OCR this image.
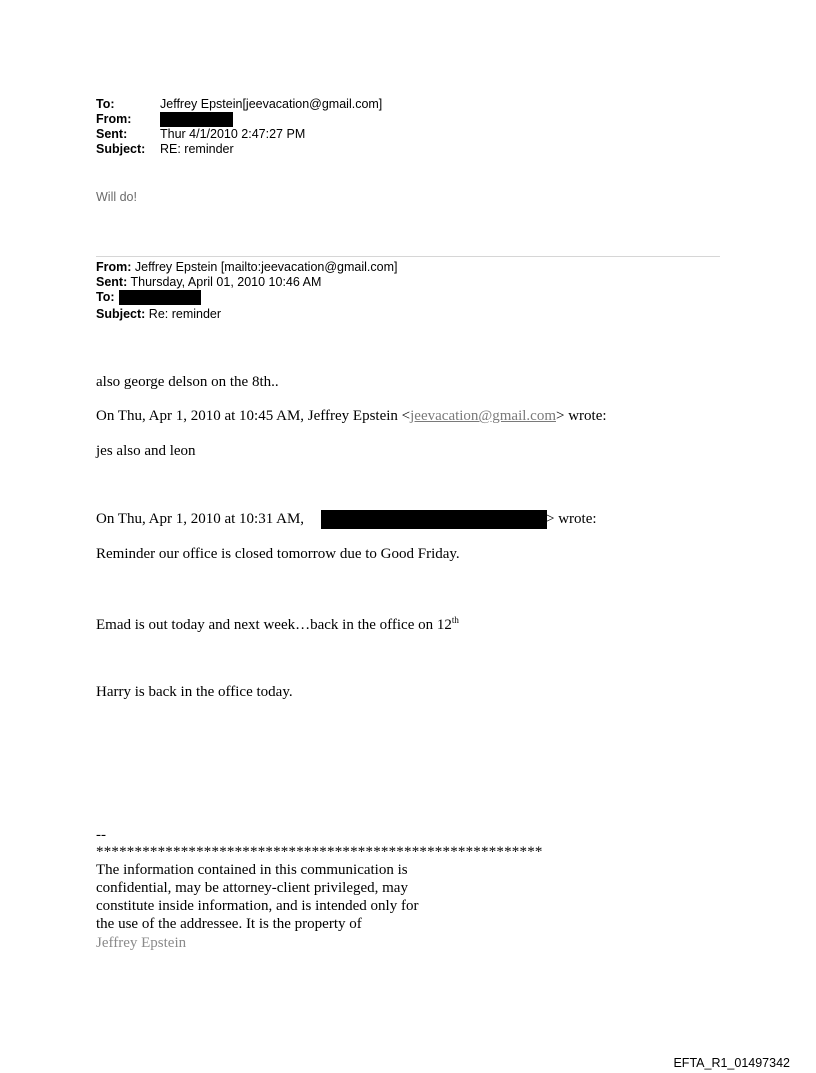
To:	Jeffrey Epstein[jeevacation@gmail.com]
From:
Sent:	Thur 4/1/2010 2:47:27 PM
Subject: RE: reminder
Will do!
From: Jeffrey Epstein [mailto:jeevacation@gmail.com]
Sent: Thursday, April 01, 2010 10:46 AM
To:
Subject: Re: reminder
also george delson on the 8th..
On Thu, Apr 1, 2010 at 10:45 AM, Jeffrey Epstein <jeevacation@gmail.com> wrote:
jes also and leon
On Thu, Apr 1, 2010 at 10:31 AM,	> wrote:
Reminder our office is closed tomorrow due to Good Friday.
Emad is out today and next week…back in the office on 12th
Harry is back in the office today.
--
**********************************************************
The information contained in this communication is
confidential, may be attorney-client privileged, may
constitute inside information, and is intended only for
the use of the addressee. It is the property of
Jeffrey Epstein
EFTA_R1_01497342
